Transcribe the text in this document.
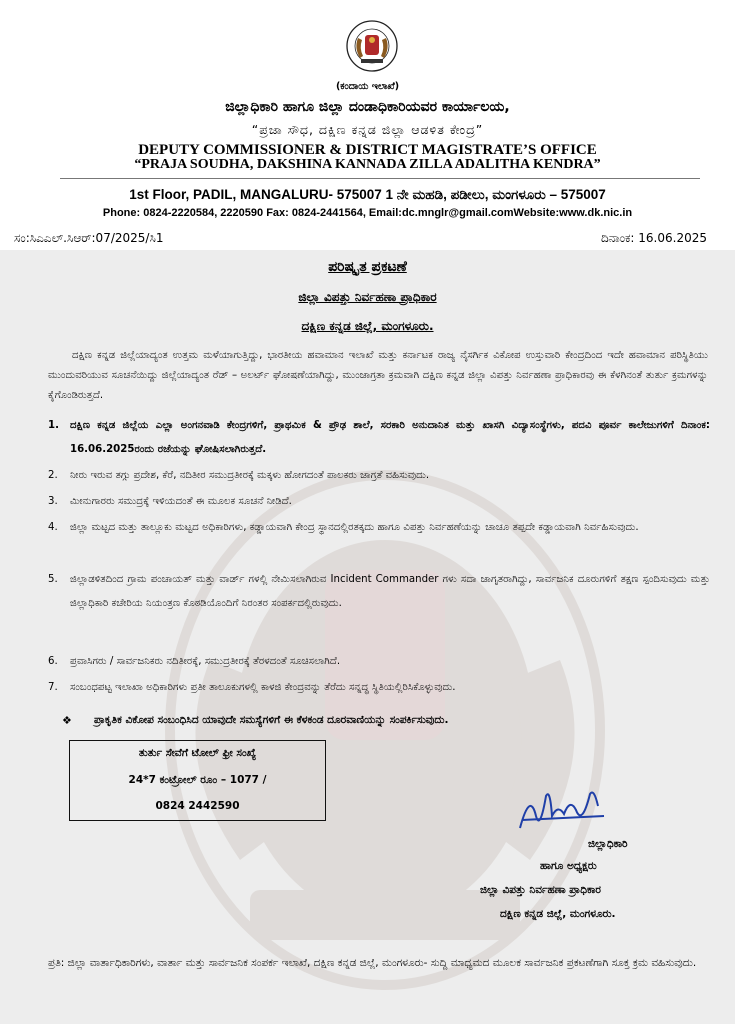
(ಕಂದಾಯ ಇಲಾಖೆ)
ಜಿಲ್ಲಾಧಿಕಾರಿ ಹಾಗೂ ಜಿಲ್ಲಾ ದಂಡಾಧಿಕಾರಿಯವರ ಕಾರ್ಯಾಲಯ,
“ಪ್ರಜಾ ಸೌಧ, ದಕ್ಷಿಣ ಕನ್ನಡ ಜಿಲ್ಲಾ ಆಡಳಿತ ಕೇಂದ್ರ”
DEPUTY COMMISSIONER & DISTRICT MAGISTRATE’S OFFICE
“PRAJA SOUDHA, DAKSHINA KANNADA ZILLA ADALITHA KENDRA”
1st Floor, PADIL, MANGALURU- 575007 1 ನೇ ಮಹಡಿ, ಪಡೀಲು, ಮಂಗಳೂರು – 575007
Phone: 0824-2220584, 2220590 Fax: 0824-2441564, Email:dc.mnglr@gmail.comWebsite:www.dk.nic.in
ಸಂ:ಸಿಎಎಲ್.ಸಿಆರ್:07/2025/ಸಿ1	ದಿನಾಂಕ: 16.06.2025
ಪರಿಷ್ಕೃತ ಪ್ರಕಟಣೆ
ಜಿಲ್ಲಾ ವಿಪತ್ತು ನಿರ್ವಹಣಾ ಪ್ರಾಧಿಕಾರ
ದಕ್ಷಿಣ ಕನ್ನಡ ಜಿಲ್ಲೆ, ಮಂಗಳೂರು.
ದಕ್ಷಿಣ ಕನ್ನಡ ಜಿಲ್ಲೆಯಾದ್ಯಂತ ಉತ್ತಮ ಮಳೆಯಾಗುತ್ತಿದ್ದು, ಭಾರತೀಯ ಹವಾಮಾನ ಇಲಾಖೆ ಮತ್ತು ಕರ್ನಾಟಕ ರಾಜ್ಯ ನೈಸರ್ಗಿಕ ವಿಕೋಪ ಉಸ್ತುವಾರಿ ಕೇಂದ್ರದಿಂದ ಇದೇ ಹವಾಮಾನ ಪರಿಸ್ಥಿತಿಯು ಮುಂದುವರಿಯುವ ಸೂಚನೆಯಿದ್ದು ಜಿಲ್ಲೆಯಾದ್ಯಂತ ರೆಡ್ – ಅಲರ್ಟ್ ಘೋಷಣೆಯಾಗಿದ್ದು, ಮುಂಜಾಗ್ರತಾ ಕ್ರಮವಾಗಿ ದಕ್ಷಿಣ ಕನ್ನಡ ಜಿಲ್ಲಾ ವಿಪತ್ತು ನಿರ್ವಹಣಾ ಪ್ರಾಧಿಕಾರವು ಈ ಕೆಳಗಿನಂತೆ ತುರ್ತು ಕ್ರಮಗಳನ್ನು ಕೈಗೊಂಡಿರುತ್ತದೆ.
1. ದಕ್ಷಿಣ ಕನ್ನಡ ಜಿಲ್ಲೆಯ ಎಲ್ಲಾ ಅಂಗನವಾಡಿ ಕೇಂದ್ರಗಳಿಗೆ, ಪ್ರಾಥಮಿಕ & ಪ್ರೌಢ ಶಾಲೆ, ಸರಕಾರಿ ಅನುದಾನಿತ ಮತ್ತು ಖಾಸಗಿ ವಿದ್ಯಾಸಂಸ್ಥೆಗಳು, ಪದವಿ ಪೂರ್ವ ಕಾಲೇಜುಗಳಿಗೆ ದಿನಾಂಕ: 16.06.2025ರಂದು ರಜೆಯನ್ನು ಘೋಷಿಸಲಾಗಿರುತ್ತದೆ.
2.	ನೀರು ಇರುವ ತಗ್ಗು ಪ್ರದೇಶ, ಕೆರೆ, ನದಿತೀರ ಸಮುದ್ರತೀರಕ್ಕೆ ಮಕ್ಕಳು ಹೋಗದಂತೆ ಪಾಲಕರು ಜಾಗ್ರತೆ ವಹಿಸುವುದು.
3.	ಮೀನುಗಾರರು ಸಮುದ್ರಕ್ಕೆ ಇಳಿಯದಂತೆ ಈ ಮೂಲಕ ಸೂಚನೆ ನೀಡಿದೆ.
4.	ಜಿಲ್ಲಾ ಮಟ್ಟದ ಮತ್ತು ತಾಲ್ಲೂಕು ಮಟ್ಟದ ಅಧಿಕಾರಿಗಳು, ಕಡ್ಡಾಯವಾಗಿ ಕೇಂದ್ರ ಸ್ಥಾನದಲ್ಲಿರತಕ್ಕದು ಹಾಗೂ ವಿಪತ್ತು ನಿರ್ವಹಣೆಯನ್ನು ಚಾಚೂ ತಪ್ಪದೇ ಕಡ್ಡಾಯವಾಗಿ ನಿರ್ವಹಿಸುವುದು.
5.	ಜಿಲ್ಲಾಡಳಿತದಿಂದ ಗ್ರಾಮ ಪಂಚಾಯತ್ ಮತ್ತು ವಾರ್ಡ್ ಗಳಲ್ಲಿ ನೇಮಿಸಲಾಗಿರುವ Incident Commander ಗಳು ಸದಾ ಜಾಗೃತರಾಗಿದ್ದು, ಸಾರ್ವಜನಿಕ ದೂರುಗಳಿಗೆ ತಕ್ಷಣ ಸ್ಪಂದಿಸುವುದು ಮತ್ತು ಜಿಲ್ಲಾಧಿಕಾರಿ ಕಚೇರಿಯ ನಿಯಂತ್ರಣ ಕೊಠಡಿಯೊಂದಿಗೆ ನಿರಂತರ ಸಂಪರ್ಕದಲ್ಲಿರುವುದು.
6.	ಪ್ರವಾಸಿಗರು / ಸಾರ್ವಜನಿಕರು ನದಿತೀರಕ್ಕೆ, ಸಮುದ್ರತೀರಕ್ಕೆ ತೆರಳದಂತೆ ಸೂಚಿಸಲಾಗಿದೆ.
7.	ಸಂಬಂಧಪಟ್ಟ ಇಲಾಖಾ ಅಧಿಕಾರಿಗಳು ಪ್ರತೀ ತಾಲೂಕುಗಳಲ್ಲಿ ಕಾಳಜಿ ಕೇಂದ್ರವನ್ನು ತೆರೆದು ಸನ್ನದ್ಧ ಸ್ಥಿತಿಯಲ್ಲಿರಿಸಿಕೊಳ್ಳುವುದು.
❖ ಪ್ರಾಕೃತಿಕ ವಿಕೋಪ ಸಂಬಂಧಿಸಿದ ಯಾವುದೇ ಸಮಸ್ಯೆಗಳಿಗೆ ಈ ಕೆಳಕಂಡ ದೂರವಾಣಿಯನ್ನು ಸಂಪರ್ಕಿಸುವುದು.
ತುರ್ತು ಸೇವೆಗೆ ಟೋಲ್ ಫ್ರೀ ಸಂಖ್ಯೆ
24*7 ಕಂಟ್ರೋಲ್ ರೂಂ – 1077 /
0824 2442590
ಜಿಲ್ಲಾಧಿಕಾರಿ
ಹಾಗೂ ಅಧ್ಯಕ್ಷರು
ಜಿಲ್ಲಾ ವಿಪತ್ತು ನಿರ್ವಹಣಾ ಪ್ರಾಧಿಕಾರ
ದಕ್ಷಿಣ ಕನ್ನಡ ಜಿಲ್ಲೆ, ಮಂಗಳೂರು.
ಪ್ರತಿ: ಜಿಲ್ಲಾ ವಾರ್ತಾಧಿಕಾರಿಗಳು, ವಾರ್ತಾ ಮತ್ತು ಸಾರ್ವಜನಿಕ ಸಂಪರ್ಕ ಇಲಾಖೆ, ದಕ್ಷಿಣ ಕನ್ನಡ ಜಿಲ್ಲೆ, ಮಂಗಳೂರು- ಸುದ್ದಿ ಮಾಧ್ಯಮದ ಮೂಲಕ ಸಾರ್ವಜನಿಕ ಪ್ರಕಟಣೆಗಾಗಿ ಸೂಕ್ತ ಕ್ರಮ ವಹಿಸುವುದು.
